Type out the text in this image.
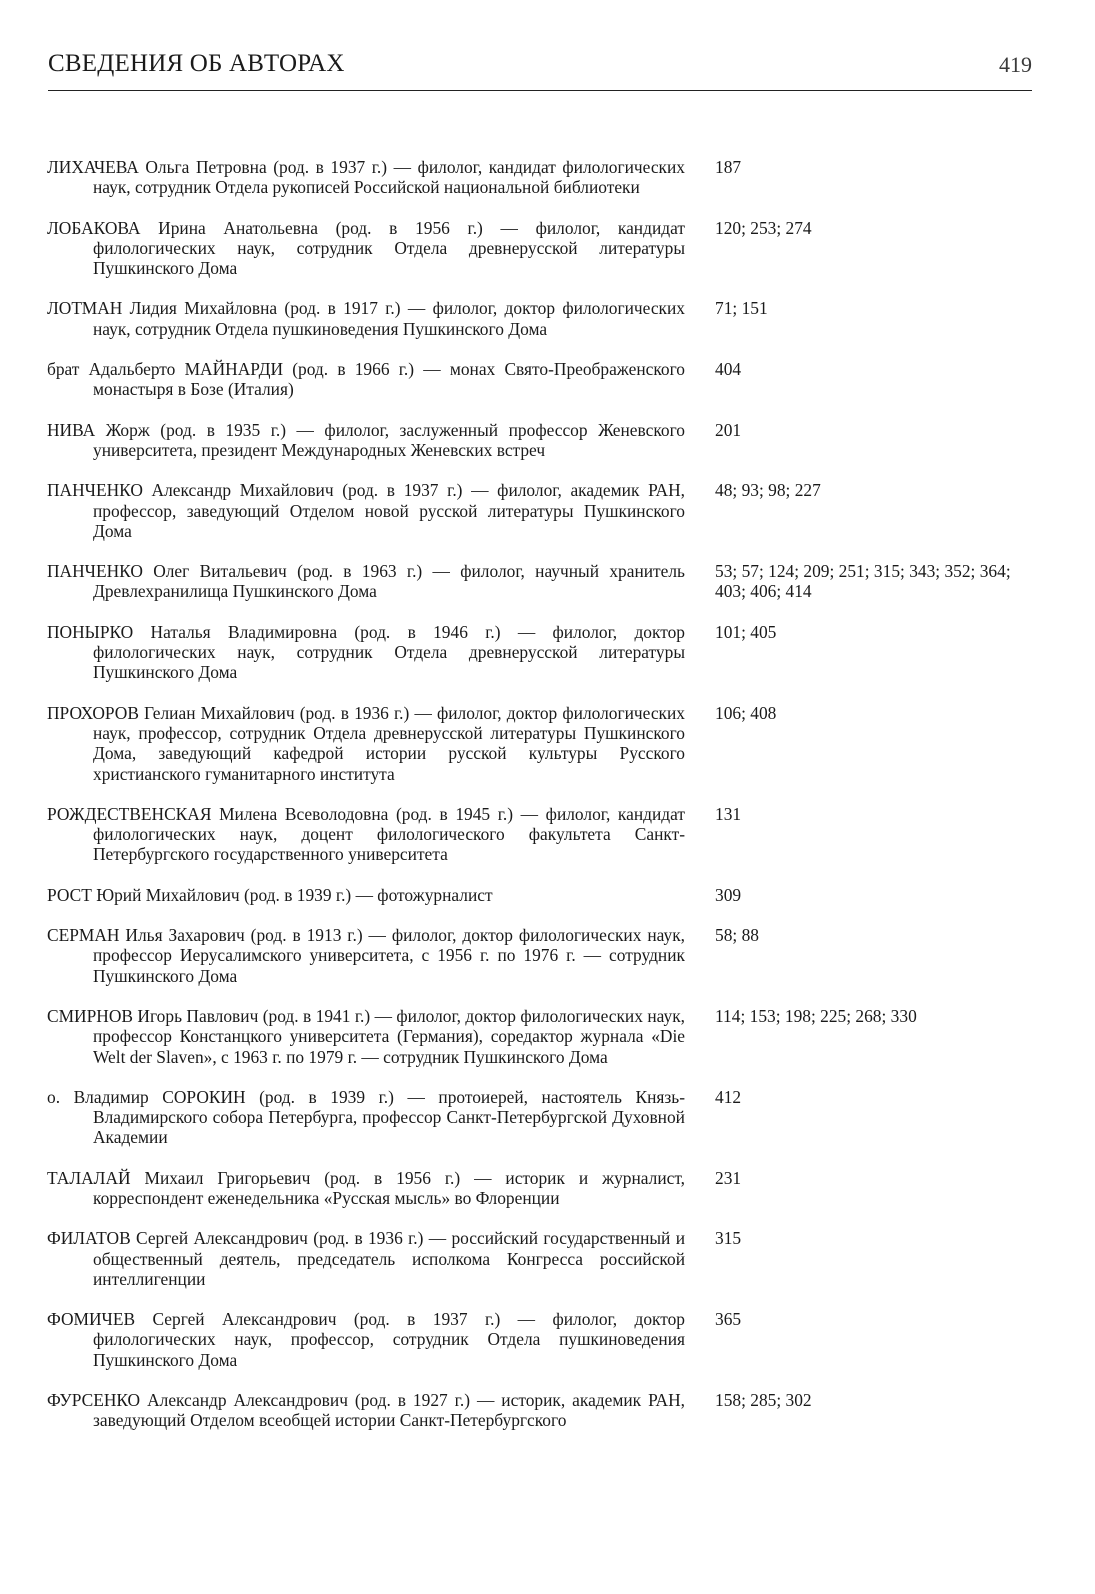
СВЕДЕНИЯ ОБ АВТОРАХ	419
ЛИХАЧЕВА Ольга Петровна (род. в 1937 г.) — филолог, кандидат филологических наук, сотрудник Отдела рукописей Российской национальной библиотеки
187
ЛОБАКОВА Ирина Анатольевна (род. в 1956 г.) — филолог, кандидат филологических наук, сотрудник Отдела древнерусской литературы Пушкинского Дома
120; 253; 274
ЛОТМАН Лидия Михайловна (род. в 1917 г.) — филолог, доктор филологических наук, сотрудник Отдела пушкиноведения Пушкинского Дома
71; 151
брат Адальберто МАЙНАРДИ (род. в 1966 г.) — монах Свято-Преображенского монастыря в Бозе (Италия)
404
НИВА Жорж (род. в 1935 г.) — филолог, заслуженный профессор Женевского университета, президент Международных Женевских встреч
201
ПАНЧЕНКО Александр Михайлович (род. в 1937 г.) — филолог, академик РАН, профессор, заведующий Отделом новой русской литературы Пушкинского Дома
48; 93; 98; 227
ПАНЧЕНКО Олег Витальевич (род. в 1963 г.) — филолог, научный хранитель Древлехранилища Пушкинского Дома
53; 57; 124; 209; 251; 315; 343; 352; 364; 403; 406; 414
ПОНЫРКО Наталья Владимировна (род. в 1946 г.) — филолог, доктор филологических наук, сотрудник Отдела древнерусской литературы Пушкинского Дома
101; 405
ПРОХОРОВ Гелиан Михайлович (род. в 1936 г.) — филолог, доктор филологических наук, профессор, сотрудник Отдела древнерусской литературы Пушкинского Дома, заведующий кафедрой истории русской культуры Русского христианского гуманитарного института
106; 408
РОЖДЕСТВЕНСКАЯ Милена Всеволодовна (род. в 1945 г.) — филолог, кандидат филологических наук, доцент филологического факультета Санкт-Петербургского государственного университета
131
РОСТ Юрий Михайлович (род. в 1939 г.) — фотожурналист	309
СЕРМАН Илья Захарович (род. в 1913 г.) — филолог, доктор филологических наук, профессор Иерусалимского университета, с 1956 г. по 1976 г. — сотрудник Пушкинского Дома
58; 88
СМИРНОВ Игорь Павлович (род. в 1941 г.) — филолог, доктор филологических наук, профессор Констанцкого университета (Германия), соредактор журнала «Die Welt der Slaven», с 1963 г. по 1979 г. — сотрудник Пушкинского Дома
114; 153; 198; 225; 268; 330
о. Владимир СОРОКИН (род. в 1939 г.) — протоиерей, настоятель Князь-Владимирского собора Петербурга, профессор Санкт-Петербургской Духовной Академии
412
ТАЛАЛАЙ Михаил Григорьевич (род. в 1956 г.) — историк и журналист, корреспондент еженедельника «Русская мысль» во Флоренции
231
ФИЛАТОВ Сергей Александрович (род. в 1936 г.) — российский государственный и общественный деятель, председатель исполкома Конгресса российской интеллигенции
315
ФОМИЧЕВ Сергей Александрович (род. в 1937 г.) — филолог, доктор филологических наук, профессор, сотрудник Отдела пушкиноведения Пушкинского Дома
365
ФУРСЕНКО Александр Александрович (род. в 1927 г.) — историк, академик РАН, заведующий Отделом всеобщей истории Санкт-Петербургского
158; 285; 302
